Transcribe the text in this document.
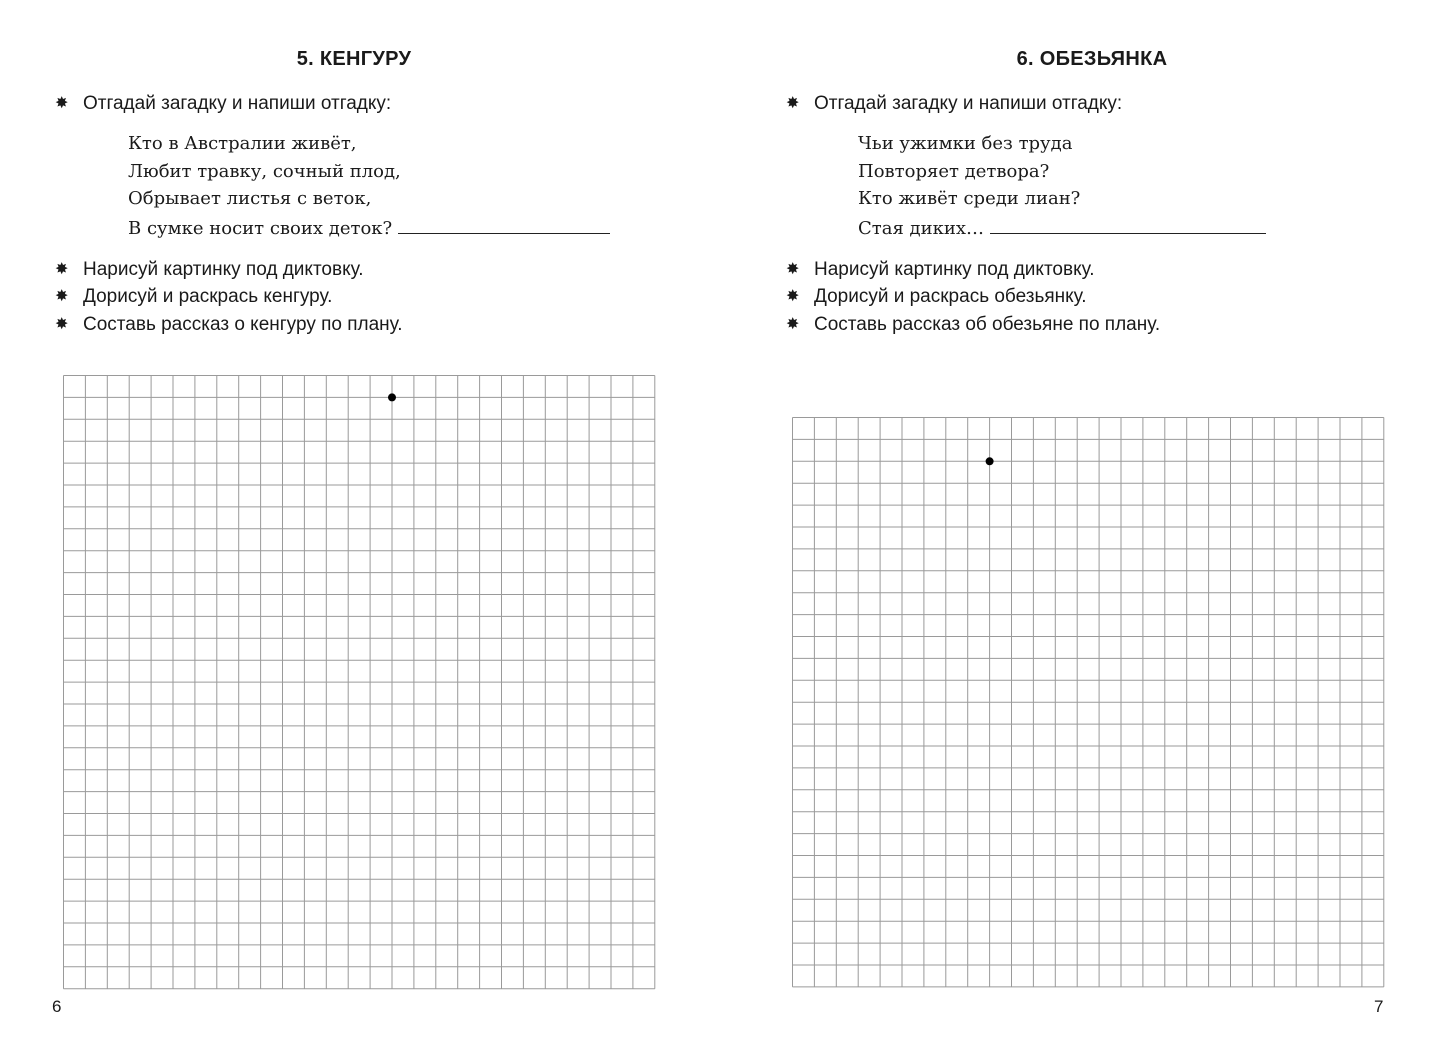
5. КЕНГУРУ
✸ Отгадай загадку и напиши отгадку:
Кто в Австралии живёт,
Любит травку, сочный плод,
Обрывает листья с веток,
В сумке носит своих деток?
✸ Нарисуй картинку под диктовку.
✸ Дорисуй и раскрась кенгуру.
✸ Составь рассказ о кенгуру по плану.
6
6. ОБЕЗЬЯНКА
✸ Отгадай загадку и напиши отгадку:
Чьи ужимки без труда
Повторяет детвора?
Кто живёт среди лиан?
Стая диких…
✸ Нарисуй картинку под диктовку.
✸ Дорисуй и раскрась обезьянку.
✸ Составь рассказ об обезьяне по плану.
7
